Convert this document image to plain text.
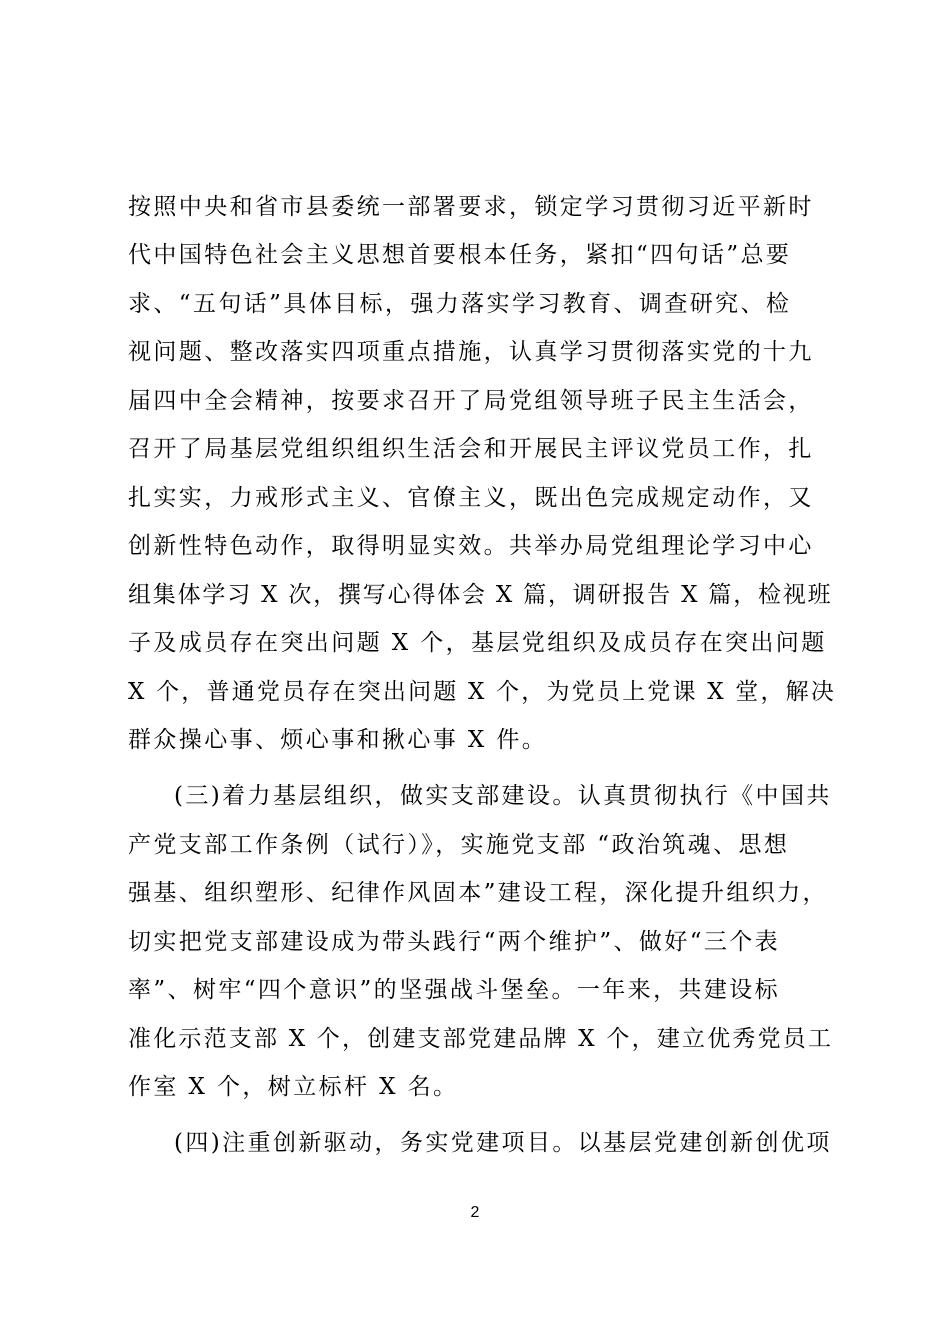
按照中央和省市县委统一部署要求，锁定学习贯彻习近平新时
代中国特色社会主义思想首要根本任务，紧扣“四句话”总要
求、“五句话”具体目标，强力落实学习教育、调查研究、检
视问题、整改落实四项重点措施，认真学习贯彻落实党的十九
届四中全会精神，按要求召开了局党组领导班子民主生活会，
召开了局基层党组织组织生活会和开展民主评议党员工作，扎
扎实实，力戒形式主义、官僚主义，既出色完成规定动作，又
创新性特色动作，取得明显实效。共举办局党组理论学习中心
组集体学习 X 次，撰写心得体会 X 篇，调研报告 X 篇，检视班
子及成员存在突出问题 X 个，基层党组织及成员存在突出问题
X 个，普通党员存在突出问题 X 个，为党员上党课 X 堂，解决
群众操心事、烦心事和揪心事 X 件。
(三)着力基层组织，做实支部建设。认真贯彻执行《中国共
产党支部工作条例（试行）》，实施党支部 “政治筑魂、思想
强基、组织塑形、纪律作风固本”建设工程，深化提升组织力，
切实把党支部建设成为带头践行“两个维护”、做好“三个表
率”、树牢“四个意识”的坚强战斗堡垒。一年来，共建设标
准化示范支部 X 个，创建支部党建品牌 X 个，建立优秀党员工
作室 X 个，树立标杆 X 名。
(四)注重创新驱动，务实党建项目。以基层党建创新创优项
2
